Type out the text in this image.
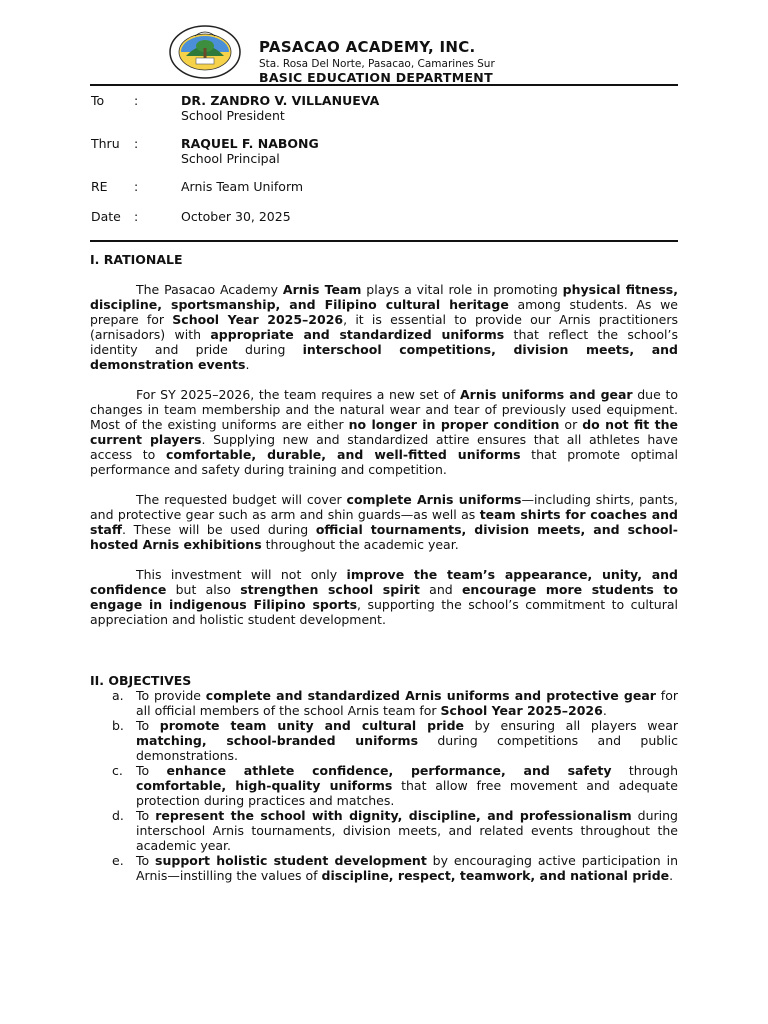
PASACAO ACADEMY, INC.
Sta. Rosa Del Norte, Pasacao, Camarines Sur
BASIC EDUCATION DEPARTMENT
To	:	DR. ZANDRO V. VILLANUEVA
School President
Thru	:	RAQUEL F. NABONG
School Principal
RE	:	Arnis Team Uniform
Date	:	October 30, 2025
I. RATIONALE

The Pasacao Academy Arnis Team plays a vital role in promoting physical fitness, discipline, sportsmanship, and Filipino cultural heritage among students. As we prepare for School Year 2025–2026, it is essential to provide our Arnis practitioners (arnisadors) with appropriate and standardized uniforms that reflect the school’s identity and pride during interschool competitions, division meets, and demonstration events.

For SY 2025–2026, the team requires a new set of Arnis uniforms and gear due to changes in team membership and the natural wear and tear of previously used equipment. Most of the existing uniforms are either no longer in proper condition or do not fit the current players. Supplying new and standardized attire ensures that all athletes have access to comfortable, durable, and well-fitted uniforms that promote optimal performance and safety during training and competition.

The requested budget will cover complete Arnis uniforms—including shirts, pants, and protective gear such as arm and shin guards—as well as team shirts for coaches and staff. These will be used during official tournaments, division meets, and school-hosted Arnis exhibitions throughout the academic year.

This investment will not only improve the team’s appearance, unity, and confidence but also strengthen school spirit and encourage more students to engage in indigenous Filipino sports, supporting the school’s commitment to cultural appreciation and holistic student development.

II. OBJECTIVES
a. To provide complete and standardized Arnis uniforms and protective gear for all official members of the school Arnis team for School Year 2025–2026.
b. To promote team unity and cultural pride by ensuring all players wear matching, school-branded uniforms during competitions and public demonstrations.
c. To enhance athlete confidence, performance, and safety through comfortable, high-quality uniforms that allow free movement and adequate protection during practices and matches.
d. To represent the school with dignity, discipline, and professionalism during interschool Arnis tournaments, division meets, and related events throughout the academic year.
e. To support holistic student development by encouraging active participation in Arnis—instilling the values of discipline, respect, teamwork, and national pride.
